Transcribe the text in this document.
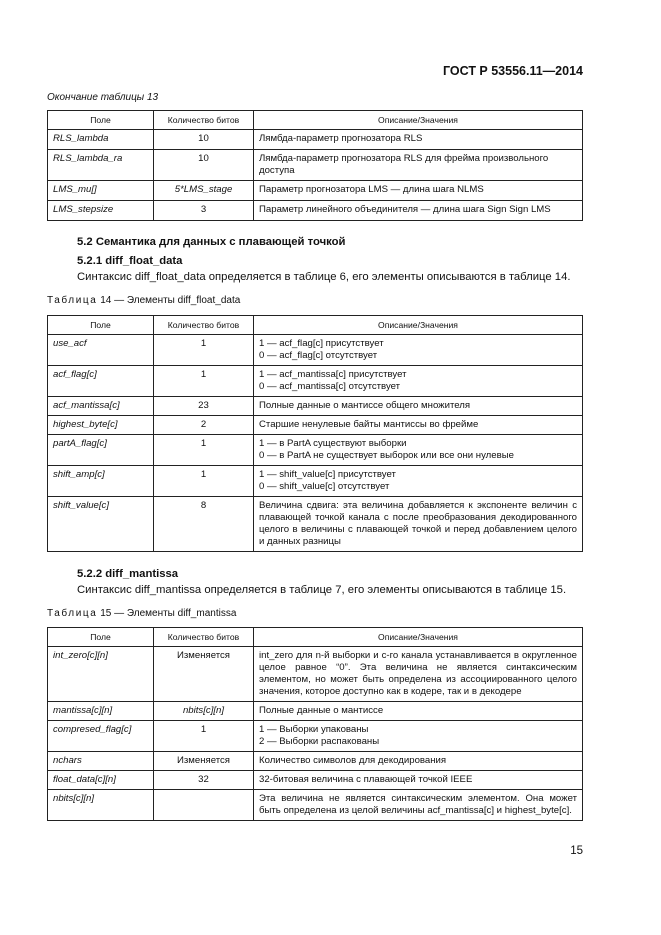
ГОСТ Р 53556.11—2014
Окончание таблицы 13
Поле	Количество битов	Описание/Значения
RLS_lambda	10	Лямбда-параметр прогнозатора RLS
RLS_lambda_ra	10	Лямбда-параметр прогнозатора RLS для фрейма произвольного доступа
LMS_mu[]	5*LMS_stage	Параметр прогнозатора LMS — длина шага NLMS
LMS_stepsize	3	Параметр линейного объединителя — длина шага Sign Sign LMS
5.2 Семантика для данных с плавающей точкой
5.2.1 diff_float_data
Синтаксис diff_float_data определяется в таблице 6, его элементы описываются в таблице 14.
Таблица 14 — Элементы diff_float_data
Поле	Количество битов	Описание/Значения
use_acf	1	1 — acf_flag[c] присутствует
0 — acf_flag[c] отсутствует
acf_flag[c]	1	1 — acf_mantissa[c] присутствует
0 — acf_mantissa[c] отсутствует
acf_mantissa[c]	23	Полные данные о мантиссе общего множителя
highest_byte[c]	2	Старшие ненулевые байты мантиссы во фрейме
partA_flag[c]	1	1 — в PartA существуют выборки
0 — в PartA не существует выборок или все они нулевые
shift_amp[c]	1	1 — shift_value[c] присутствует
0 — shift_value[c] отсутствует
shift_value[c]	8	Величина сдвига: эта величина добавляется к экспоненте величин с плавающей точкой канала c после преобразования декодированного целого в величины с плавающей точкой и перед добавлением целого и данных разницы
5.2.2 diff_mantissa
Синтаксис diff_mantissa определяется в таблице 7, его элементы описываются в таблице 15.
Таблица 15 — Элементы diff_mantissa
Поле	Количество битов	Описание/Значения
int_zero[c][n]	Изменяется	int_zero для n-й выборки и c-го канала устанавливается в округленное целое равное “0”. Эта величина не является синтаксическим элементом, но может быть определена из ассоциированного целого значения, которое доступно как в кодере, так и в декодере
mantissa[c][n]	nbits[c][n]	Полные данные о мантиссе
compresed_flag[c]	1	1 — Выборки упакованы
2 — Выборки распакованы
nchars	Изменяется	Количество символов для декодирования
float_data[c][n]	32	32-битовая величина с плавающей точкой IEEE
nbits[c][n]		Эта величина не является синтаксическим элементом. Она может быть определена из целой величины acf_mantissa[c] и highest_byte[c].
15
